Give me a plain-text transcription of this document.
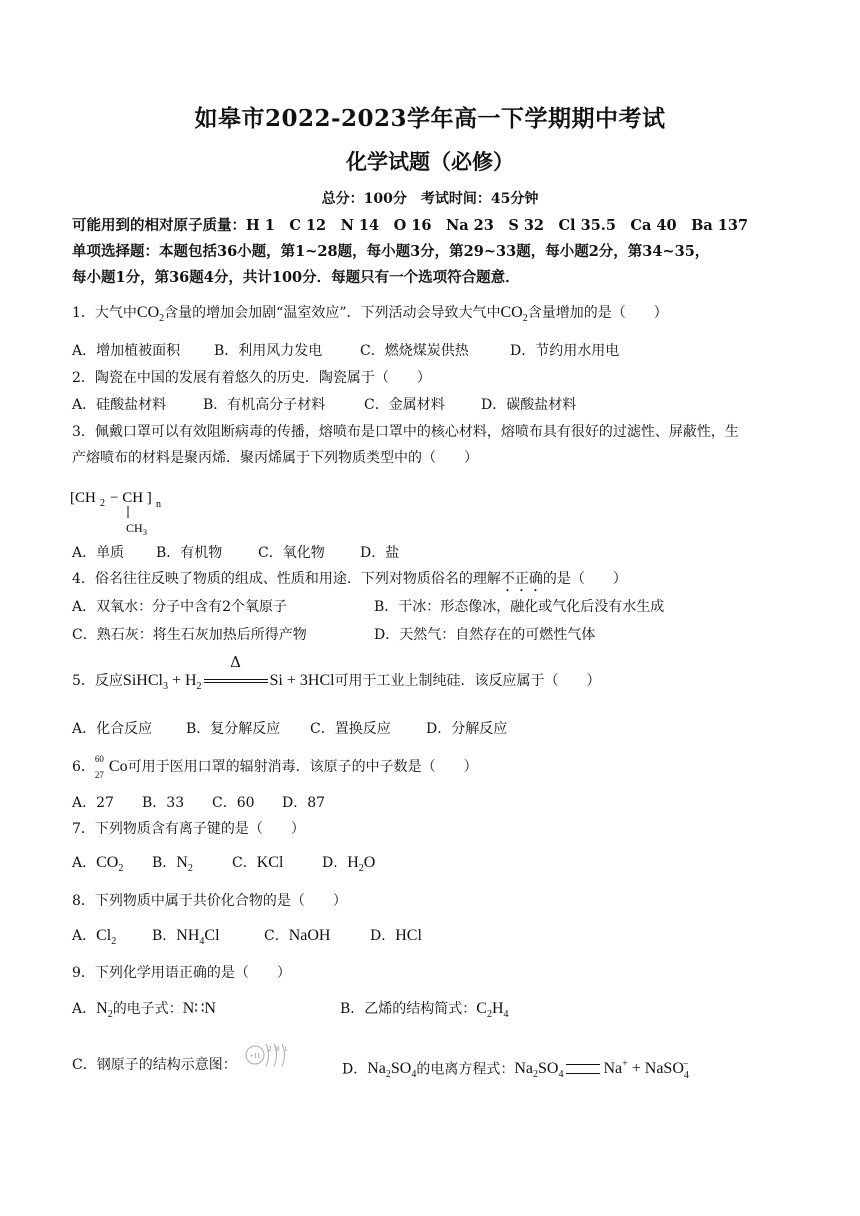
如皋市2022-2023学年高一下学期期中考试
化学试题（必修）
总分：100分　考试时间：45分钟
可能用到的相对原子质量：H 1　C 12　N 14　O 16　Na 23　S 32　Cl 35.5　Ca 40　Ba 137
单项选择题：本题包括36小题，第1~28题，每小题3分，第29~33题，每小题2分，第34~35，
每小题1分，第36题4分，共计100分．每题只有一个选项符合题意．
1．大气中$CO_2$含量的增加会加剧“温室效应”．下列活动会导致大气中$CO_2$含量增加的是（　　）
A．增加植被面积 B．利用风力发电	C．燃烧煤炭供热	D．节约用水用电
2．陶瓷在中国的发展有着悠久的历史．陶瓷属于（　　）
A．硅酸盐材料	B．有机高分子材料	C．金属材料	D．碳酸盐材料
3．佩戴口罩可以有效阻断病毒的传播，熔喷布是口罩中的核心材料，熔喷布具有很好的过滤性、屏蔽性，生
产熔喷布的材料是聚丙烯．聚丙烯属于下列物质类型中的（　　）
[CH 2 − CH ] n
CH 3
A．单质 B．有机物	C．氧化物	D．盐
4．俗名往往反映了物质的组成、性质和用途．下列对物质俗名的理解不正确的是（　　）
A．双氧水：分子中含有2个氧原子	B．干冰：形态像冰，融化或气化后没有水生成
C．熟石灰：将生石灰加热后所得产物	D．天然气：自然存在的可燃性气体
5．反应SiHCl$_3$ + $H_2$
Δ
Si + 3HCl可用于工业上制纯硅．该反应属于（　　）
A．化合反应 B．复分解反应 C．置换反应	D．分解反应
6． 60
27 Co可用于医用口罩的辐射消毒．该原子的中子数是（　　）
A．27 B．33 C．60 D．87
7．下列物质含有离子键的是（　　）
A．$CO_2$ B．$N_2$	C．KCl	D．$H_2O$
8．下列物质中属于共价化合物的是（　　）
A．$Cl_2$	B．$NH_4Cl$	C．NaOH	D．HCl
9．下列化学用语正确的是（　　）
A．$N_2$的电子式：N∷N	B．乙烯的结构简式：$C_2H_4$
C．钢原子的结构示意图：
+11
2 8 1
D．$Na_2SO_4$的电离方程式：$Na_2SO_4$	Na+ + NaSO$_4$−
